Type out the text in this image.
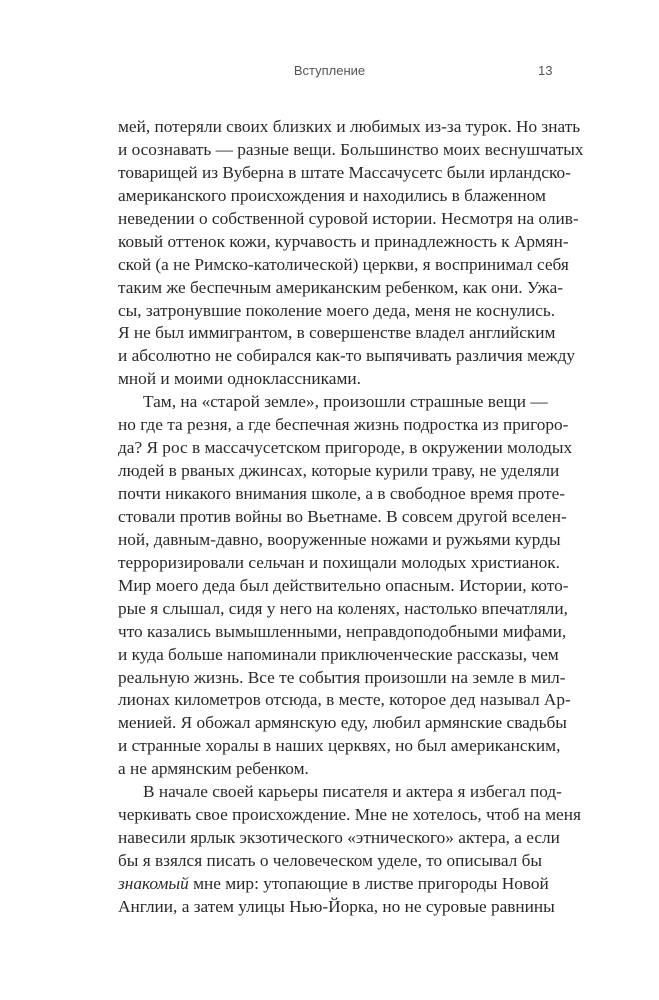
Вступление	13
мей, потеряли своих близких и любимых из-за турок. Но знать
и осознавать — разные вещи. Большинство моих веснушчатых
товарищей из Вуберна в штате Массачусетс были ирландско-
американского происхождения и находились в блаженном
неведении о собственной суровой истории. Несмотря на олив-
ковый оттенок кожи, курчавость и принадлежность к Армян-
ской (а не Римско-католической) церкви, я воспринимал себя
таким же беспечным американским ребенком, как они. Ужа-
сы, затронувшие поколение моего деда, меня не коснулись.
Я не был иммигрантом, в совершенстве владел английским
и абсолютно не собирался как-то выпячивать различия между
мной и моими одноклассниками.
Там, на «старой земле», произошли страшные вещи —
но где та резня, а где беспечная жизнь подростка из пригоро-
да? Я рос в массачусетском пригороде, в окружении молодых
людей в рваных джинсах, которые курили траву, не уделяли
почти никакого внимания школе, а в свободное время проте-
стовали против войны во Вьетнаме. В совсем другой вселен-
ной, давным-давно, вооруженные ножами и ружьями курды
терроризировали сельчан и похищали молодых христианок.
Мир моего деда был действительно опасным. Истории, кото-
рые я слышал, сидя у него на коленях, настолько впечатляли,
что казались вымышленными, неправдоподобными мифами,
и куда больше напоминали приключенческие рассказы, чем
реальную жизнь. Все те события произошли на земле в мил-
лионах километров отсюда, в месте, которое дед называл Ар-
менией. Я обожал армянскую еду, любил армянские свадьбы
и странные хоралы в наших церквях, но был американским,
а не армянским ребенком.
В начале своей карьеры писателя и актера я избегал под-
черкивать свое происхождение. Мне не хотелось, чтоб на меня
навесили ярлык экзотического «этнического» актера, а если
бы я взялся писать о человеческом уделе, то описывал бы
знакомый мне мир: утопающие в листве пригороды Новой
Англии, а затем улицы Нью-Йорка, но не суровые равнины
